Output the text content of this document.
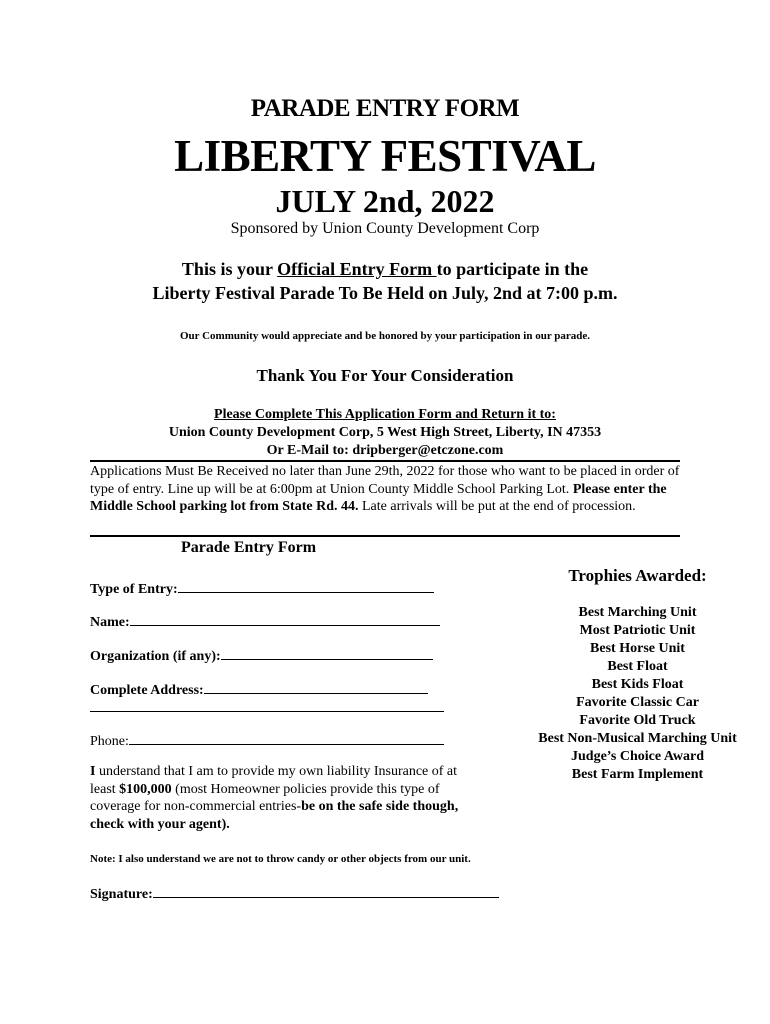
PARADE ENTRY FORM
LIBERTY FESTIVAL
JULY 2nd, 2022
Sponsored by Union County Development Corp
This is your Official Entry Form to participate in the
Liberty Festival Parade To Be Held on July, 2nd at 7:00 p.m.
Our Community would appreciate and be honored by your participation in our parade.
Thank You For Your Consideration
Please Complete This Application Form and Return it to:
Union County Development Corp, 5 West High Street, Liberty, IN 47353
Or E-Mail to: dripberger@etczone.com
Applications Must Be Received no later than June 29th, 2022 for those who want to be placed in order of type of entry. Line up will be at 6:00pm at Union County Middle School Parking Lot. Please enter the Middle School parking lot from State Rd. 44. Late arrivals will be put at the end of procession.
Parade Entry Form
Type of Entry:
Name:
Organization (if any):
Complete Address:
Phone:
I understand that I am to provide my own liability Insurance of at least $100,000 (most Homeowner policies provide this type of coverage for non-commercial entries-be on the safe side though, check with your agent).
Note: I also understand we are not to throw candy or other objects from our unit.
Signature:
Trophies Awarded:
Best Marching Unit
Most Patriotic Unit
Best Horse Unit
Best Float
Best Kids Float
Favorite Classic Car
Favorite Old Truck
Best Non-Musical Marching Unit
Judge’s Choice Award
Best Farm Implement
